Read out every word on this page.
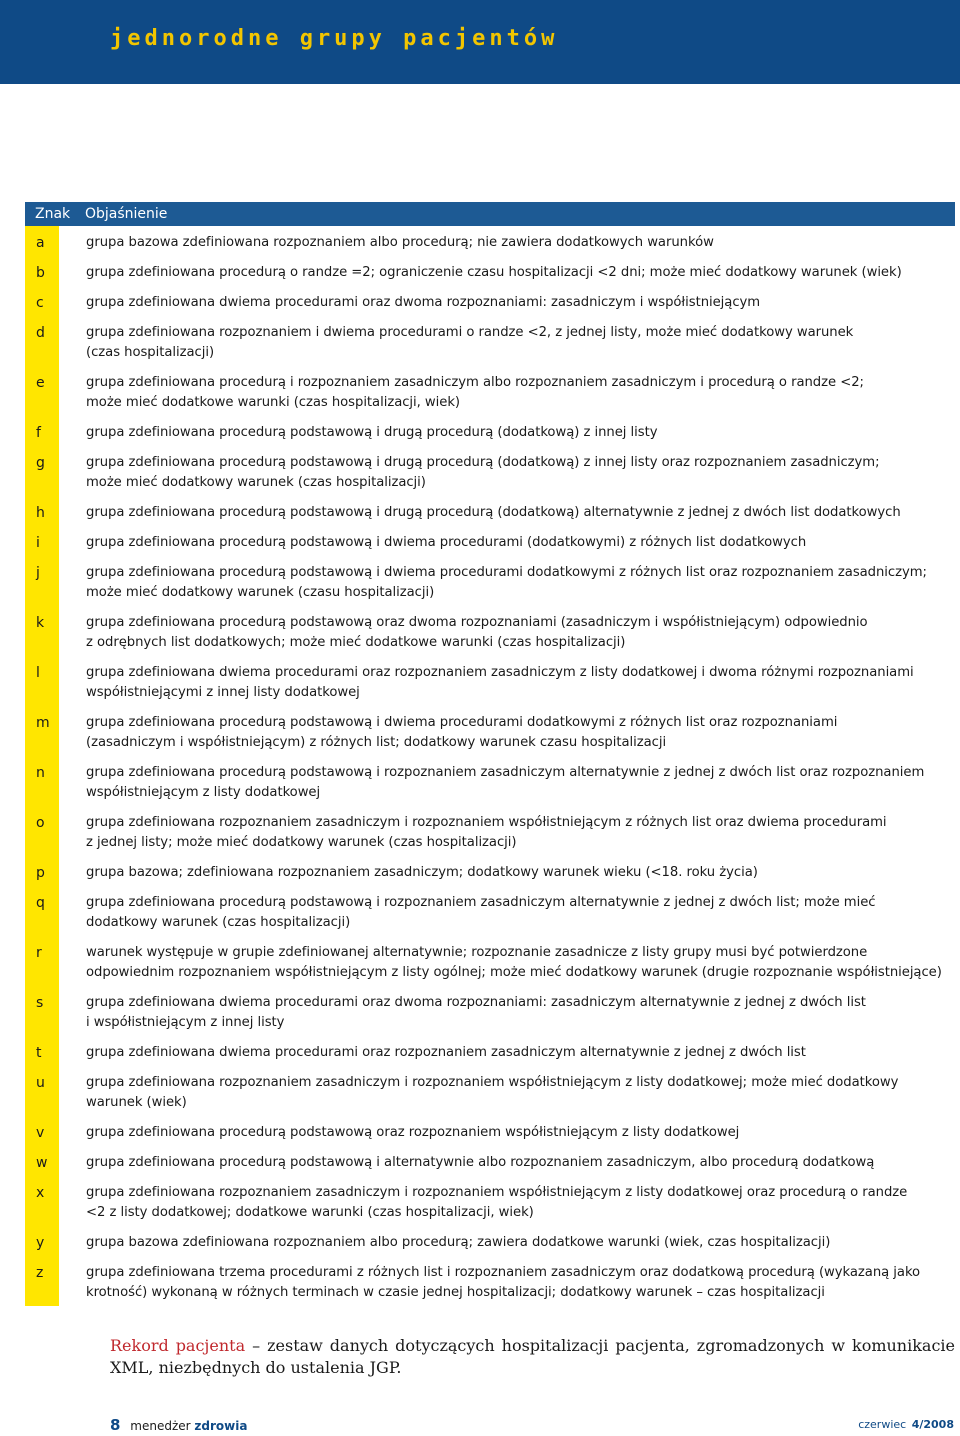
jednorodne grupy pacjentów
Znak Objaśnienie
a	grupa bazowa zdefiniowana rozpoznaniem albo procedurą; nie zawiera dodatkowych warunków
b	grupa zdefiniowana procedurą o randze =2; ograniczenie czasu hospitalizacji <2 dni; może mieć dodatkowy warunek (wiek)
c	grupa zdefiniowana dwiema procedurami oraz dwoma rozpoznaniami: zasadniczym i współistniejącym
d	grupa zdefiniowana rozpoznaniem i dwiema procedurami o randze <2, z jednej listy, może mieć dodatkowy warunek
(czas hospitalizacji)
e	grupa zdefiniowana procedurą i rozpoznaniem zasadniczym albo rozpoznaniem zasadniczym i procedurą o randze <2;
może mieć dodatkowe warunki (czas hospitalizacji, wiek)
f	grupa zdefiniowana procedurą podstawową i drugą procedurą (dodatkową) z innej listy
g	grupa zdefiniowana procedurą podstawową i drugą procedurą (dodatkową) z innej listy oraz rozpoznaniem zasadniczym;
może mieć dodatkowy warunek (czas hospitalizacji)
h	grupa zdefiniowana procedurą podstawową i drugą procedurą (dodatkową) alternatywnie z jednej z dwóch list dodatkowych
i	grupa zdefiniowana procedurą podstawową i dwiema procedurami (dodatkowymi) z różnych list dodatkowych
j	grupa zdefiniowana procedurą podstawową i dwiema procedurami dodatkowymi z różnych list oraz rozpoznaniem zasadniczym;
może mieć dodatkowy warunek (czasu hospitalizacji)
k	grupa zdefiniowana procedurą podstawową oraz dwoma rozpoznaniami (zasadniczym i współistniejącym) odpowiednio
z odrębnych list dodatkowych; może mieć dodatkowe warunki (czas hospitalizacji)
l	grupa zdefiniowana dwiema procedurami oraz rozpoznaniem zasadniczym z listy dodatkowej i dwoma różnymi rozpoznaniami
współistniejącymi z innej listy dodatkowej
m	grupa zdefiniowana procedurą podstawową i dwiema procedurami dodatkowymi z różnych list oraz rozpoznaniami
(zasadniczym i współistniejącym) z różnych list; dodatkowy warunek czasu hospitalizacji
n	grupa zdefiniowana procedurą podstawową i rozpoznaniem zasadniczym alternatywnie z jednej z dwóch list oraz rozpoznaniem
współistniejącym z listy dodatkowej
o	grupa zdefiniowana rozpoznaniem zasadniczym i rozpoznaniem współistniejącym z różnych list oraz dwiema procedurami
z jednej listy; może mieć dodatkowy warunek (czas hospitalizacji)
p	grupa bazowa; zdefiniowana rozpoznaniem zasadniczym; dodatkowy warunek wieku (<18. roku życia)
q	grupa zdefiniowana procedurą podstawową i rozpoznaniem zasadniczym alternatywnie z jednej z dwóch list; może mieć
dodatkowy warunek (czas hospitalizacji)
r	warunek występuje w grupie zdefiniowanej alternatywnie; rozpoznanie zasadnicze z listy grupy musi być potwierdzone
odpowiednim rozpoznaniem współistniejącym z listy ogólnej; może mieć dodatkowy warunek (drugie rozpoznanie współistniejące)
s	grupa zdefiniowana dwiema procedurami oraz dwoma rozpoznaniami: zasadniczym alternatywnie z jednej z dwóch list
i współistniejącym z innej listy
t	grupa zdefiniowana dwiema procedurami oraz rozpoznaniem zasadniczym alternatywnie z jednej z dwóch list
u	grupa zdefiniowana rozpoznaniem zasadniczym i rozpoznaniem współistniejącym z listy dodatkowej; może mieć dodatkowy
warunek (wiek)
v	grupa zdefiniowana procedurą podstawową oraz rozpoznaniem współistniejącym z listy dodatkowej
w	grupa zdefiniowana procedurą podstawową i alternatywnie albo rozpoznaniem zasadniczym, albo procedurą dodatkową
x	grupa zdefiniowana rozpoznaniem zasadniczym i rozpoznaniem współistniejącym z listy dodatkowej oraz procedurą o randze
<2 z listy dodatkowej; dodatkowe warunki (czas hospitalizacji, wiek)
y	grupa bazowa zdefiniowana rozpoznaniem albo procedurą; zawiera dodatkowe warunki (wiek, czas hospitalizacji)
z	grupa zdefiniowana trzema procedurami z różnych list i rozpoznaniem zasadniczym oraz dodatkową procedurą (wykazaną jako
krotność) wykonaną w różnych terminach w czasie jednej hospitalizacji; dodatkowy warunek – czas hospitalizacji
Rekord pacjenta – zestaw danych dotyczących hospitalizacji pacjenta, zgromadzonych w komunikacie XML, niezbędnych do ustalenia JGP.
8 menedżer zdrowia	czerwiec 4/2008
